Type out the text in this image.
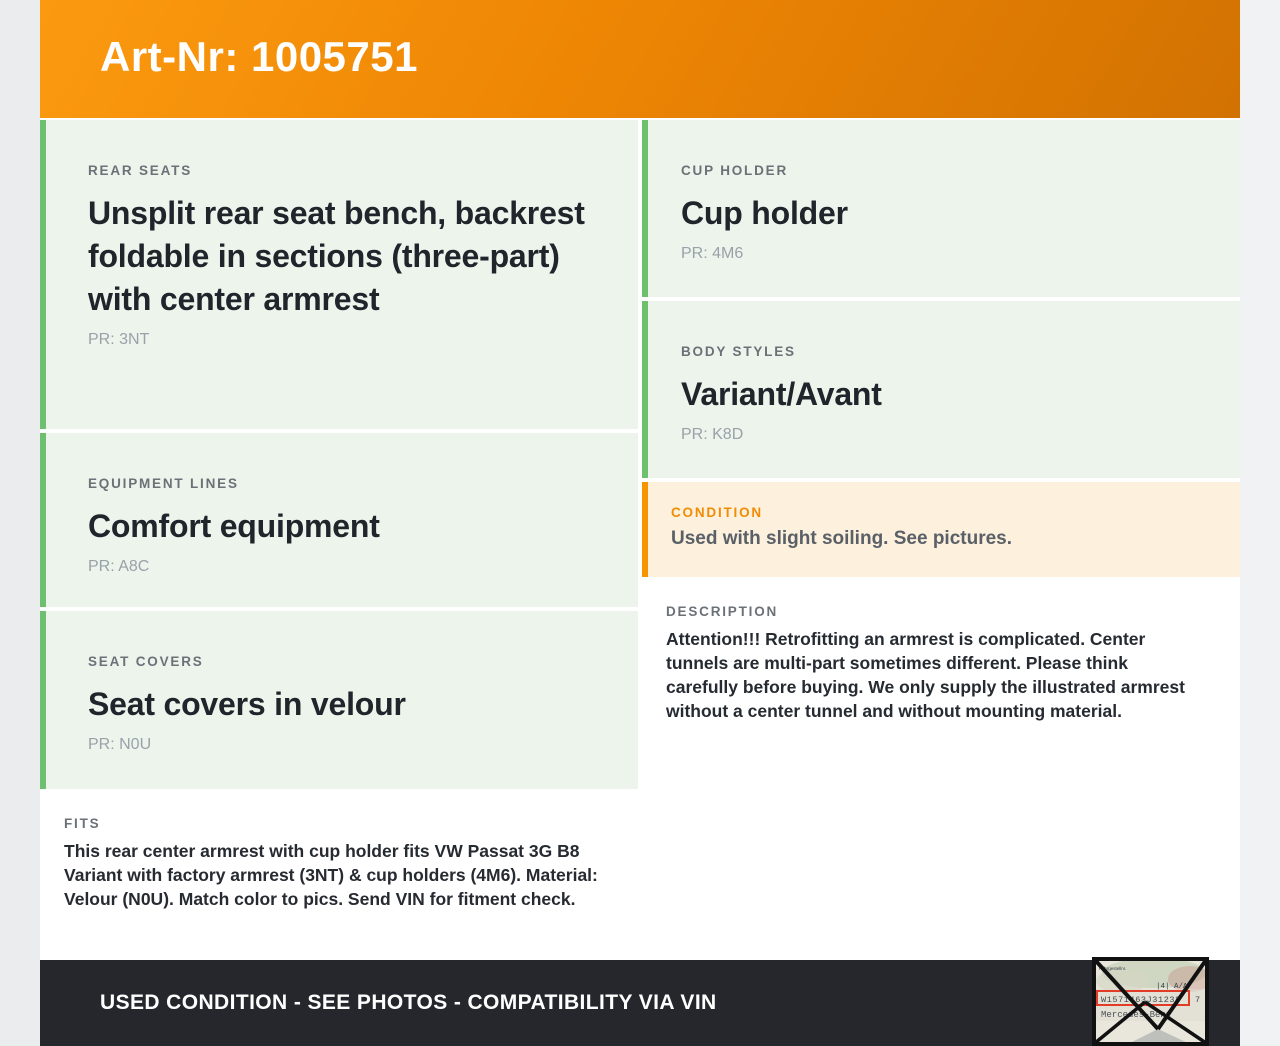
Art-Nr: 1005751
REAR SEATS
Unsplit rear seat bench, backrest foldable in sections (three-part) with center armrest
PR: 3NT
EQUIPMENT LINES
Comfort equipment
PR: A8C
SEAT COVERS
Seat covers in velour
PR: N0U
FITS

This rear center armrest with cup holder fits VW Passat 3G B8 Variant with factory armrest (3NT) & cup holders (4M6). Material: Velour (N0U). Match color to pics. Send VIN for fitment check.

CUP HOLDER
Cup holder
PR: 4M6
BODY STYLES
Variant/Avant
PR: K8D
CONDITION
Used with slight soiling. See pictures.
DESCRIPTION

Attention!!! Retrofitting an armrest is complicated. Center tunnels are multi-part sometimes different. Please think carefully before buying. We only supply the illustrated armrest without a center tunnel and without mounting material.

USED CONDITION - SEE PHOTOS - COMPATIBILITY VIA VIN
Fahrgestellnr.
|4| A/A
W1571463J31238 7
Mercedes-Benz
